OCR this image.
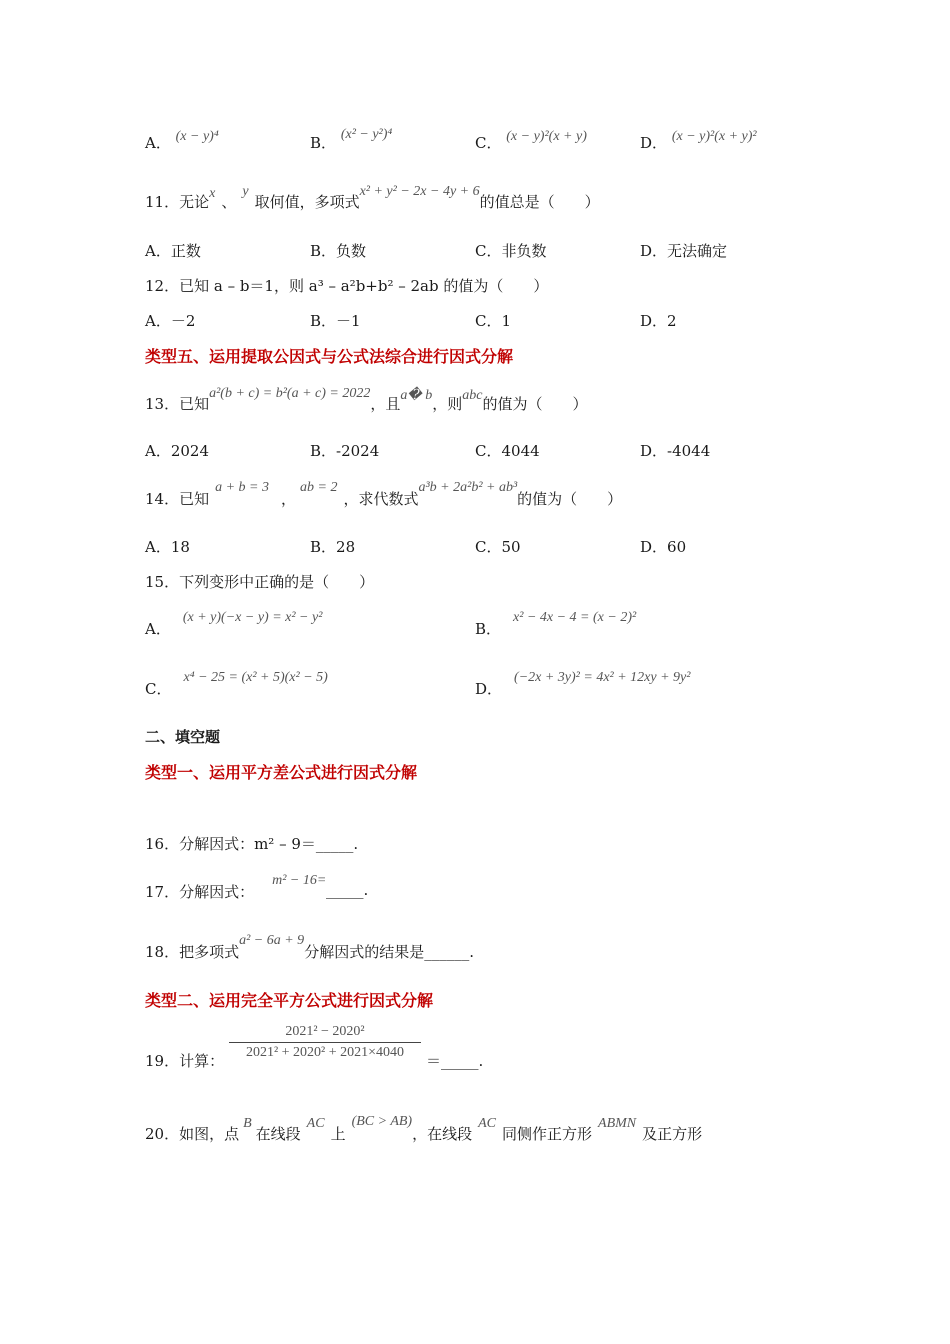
A． (x − y)⁴	B． (x² − y²)⁴	C． (x − y)²(x + y)	D． (x − y)²(x + y)²
11．无论x 、y取何值，多项式x² + y² − 2x − 4y + 6的值总是（　　）
A．正数	B．负数	C．非负数	D．无法确定
12．已知 a – b＝1，则 a³ – a²b+b² – 2ab 的值为（　　）
A．－2	B．－1	C．1	D．2
类型五、运用提取公因式与公式法综合进行因式分解
13．已知a²(b + c) = b²(a + c) = 2022，且a� b，则abc的值为（　　）
A．2024	B．-2024	C．4044	D．-4044
14．已知a + b = 3，ab = 2，求代数式a³b + 2a²b² + ab³的值为（　　）
A．18	B．28	C．50	D．60
15．下列变形中正确的是（　　）
A．(x + y)(−x − y) = x² − y²
B．x² − 4x − 4 = (x − 2)²
C．x⁴ − 25 = (x² + 5)(x² − 5)
D．(−2x + 3y)² = 4x² + 12xy + 9y²
二、填空题
类型一、运用平方差公式进行因式分解
16．分解因式：m² – 9＝_____.
17．分解因式：m² − 16=
_____.
18．把多项式a² − 6a + 9分解因式的结果是______.
类型二、运用完全平方公式进行因式分解
19．计算：
2021² − 2020²
2021² + 2020² + 2021×4040	＝_____.
20．如图，点B在线段AC上(BC > AB)，在线段AC同侧作正方形ABMN及正方形
